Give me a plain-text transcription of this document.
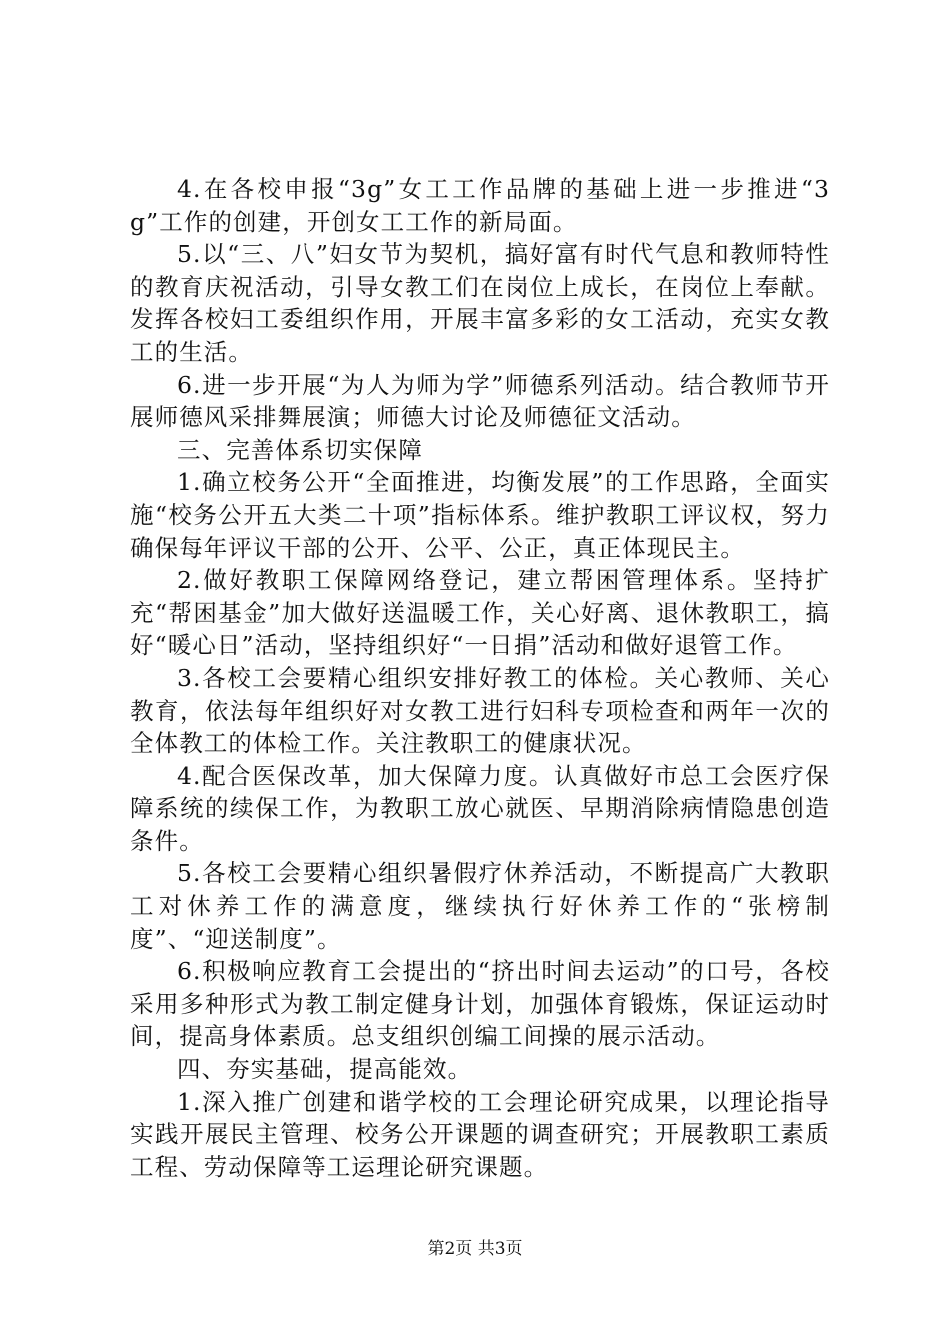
4.在各校申报“3g”女工工作品牌的基础上进一步推进“3g”工作的创建，开创女工工作的新局面。

5.以“三、八”妇女节为契机，搞好富有时代气息和教师特性的教育庆祝活动，引导女教工们在岗位上成长，在岗位上奉献。发挥各校妇工委组织作用，开展丰富多彩的女工活动，充实女教工的生活。

6.进一步开展“为人为师为学”师德系列活动。结合教师节开展师德风采排舞展演；师德大讨论及师德征文活动。

三、完善体系切实保障

1.确立校务公开“全面推进，均衡发展”的工作思路，全面实施“校务公开五大类二十项”指标体系。维护教职工评议权，努力确保每年评议干部的公开、公平、公正，真正体现民主。

2.做好教职工保障网络登记，建立帮困管理体系。坚持扩充“帮困基金”加大做好送温暖工作，关心好离、退休教职工，搞好“暖心日”活动，坚持组织好“一日捐”活动和做好退管工作。

3.各校工会要精心组织安排好教工的体检。关心教师、关心教育，依法每年组织好对女教工进行妇科专项检查和两年一次的全体教工的体检工作。关注教职工的健康状况。

4.配合医保改革，加大保障力度。认真做好市总工会医疗保障系统的续保工作，为教职工放心就医、早期消除病情隐患创造条件。

5.各校工会要精心组织暑假疗休养活动，不断提高广大教职工对休养工作的满意度，继续执行好休养工作的“张榜制度”、“迎送制度”。

6.积极响应教育工会提出的“挤出时间去运动”的口号，各校采用多种形式为教工制定健身计划，加强体育锻炼，保证运动时间，提高身体素质。总支组织创编工间操的展示活动。

四、夯实基础，提高能效。

1.深入推广创建和谐学校的工会理论研究成果，以理论指导实践开展民主管理、校务公开课题的调查研究；开展教职工素质工程、劳动保障等工运理论研究课题。

第2页 共3页
